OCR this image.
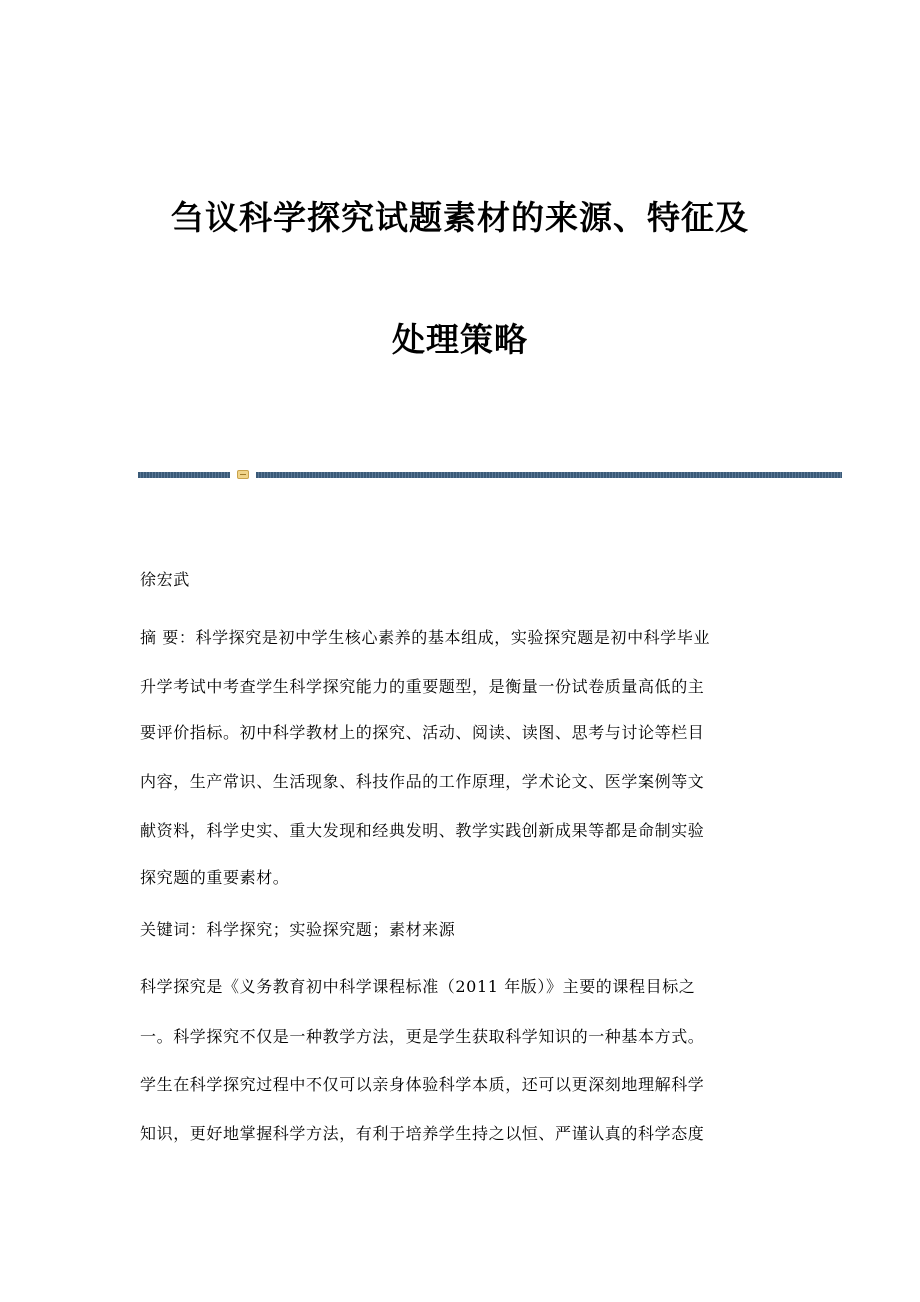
刍议科学探究试题素材的来源、特征及
处理策略
徐宏武
摘 要：科学探究是初中学生核心素养的基本组成，实验探究题是初中科学毕业
升学考试中考查学生科学探究能力的重要题型，是衡量一份试卷质量高低的主
要评价指标。初中科学教材上的探究、活动、阅读、读图、思考与讨论等栏目
内容，生产常识、生活现象、科技作品的工作原理，学术论文、医学案例等文
献资料，科学史实、重大发现和经典发明、教学实践创新成果等都是命制实验
探究题的重要素材。
关键词：科学探究；实验探究题；素材来源
科学探究是《义务教育初中科学课程标准（2011 年版）》主要的课程目标之
一。科学探究不仅是一种教学方法，更是学生获取科学知识的一种基本方式。
学生在科学探究过程中不仅可以亲身体验科学本质，还可以更深刻地理解科学
知识，更好地掌握科学方法，有利于培养学生持之以恒、严谨认真的科学态度
